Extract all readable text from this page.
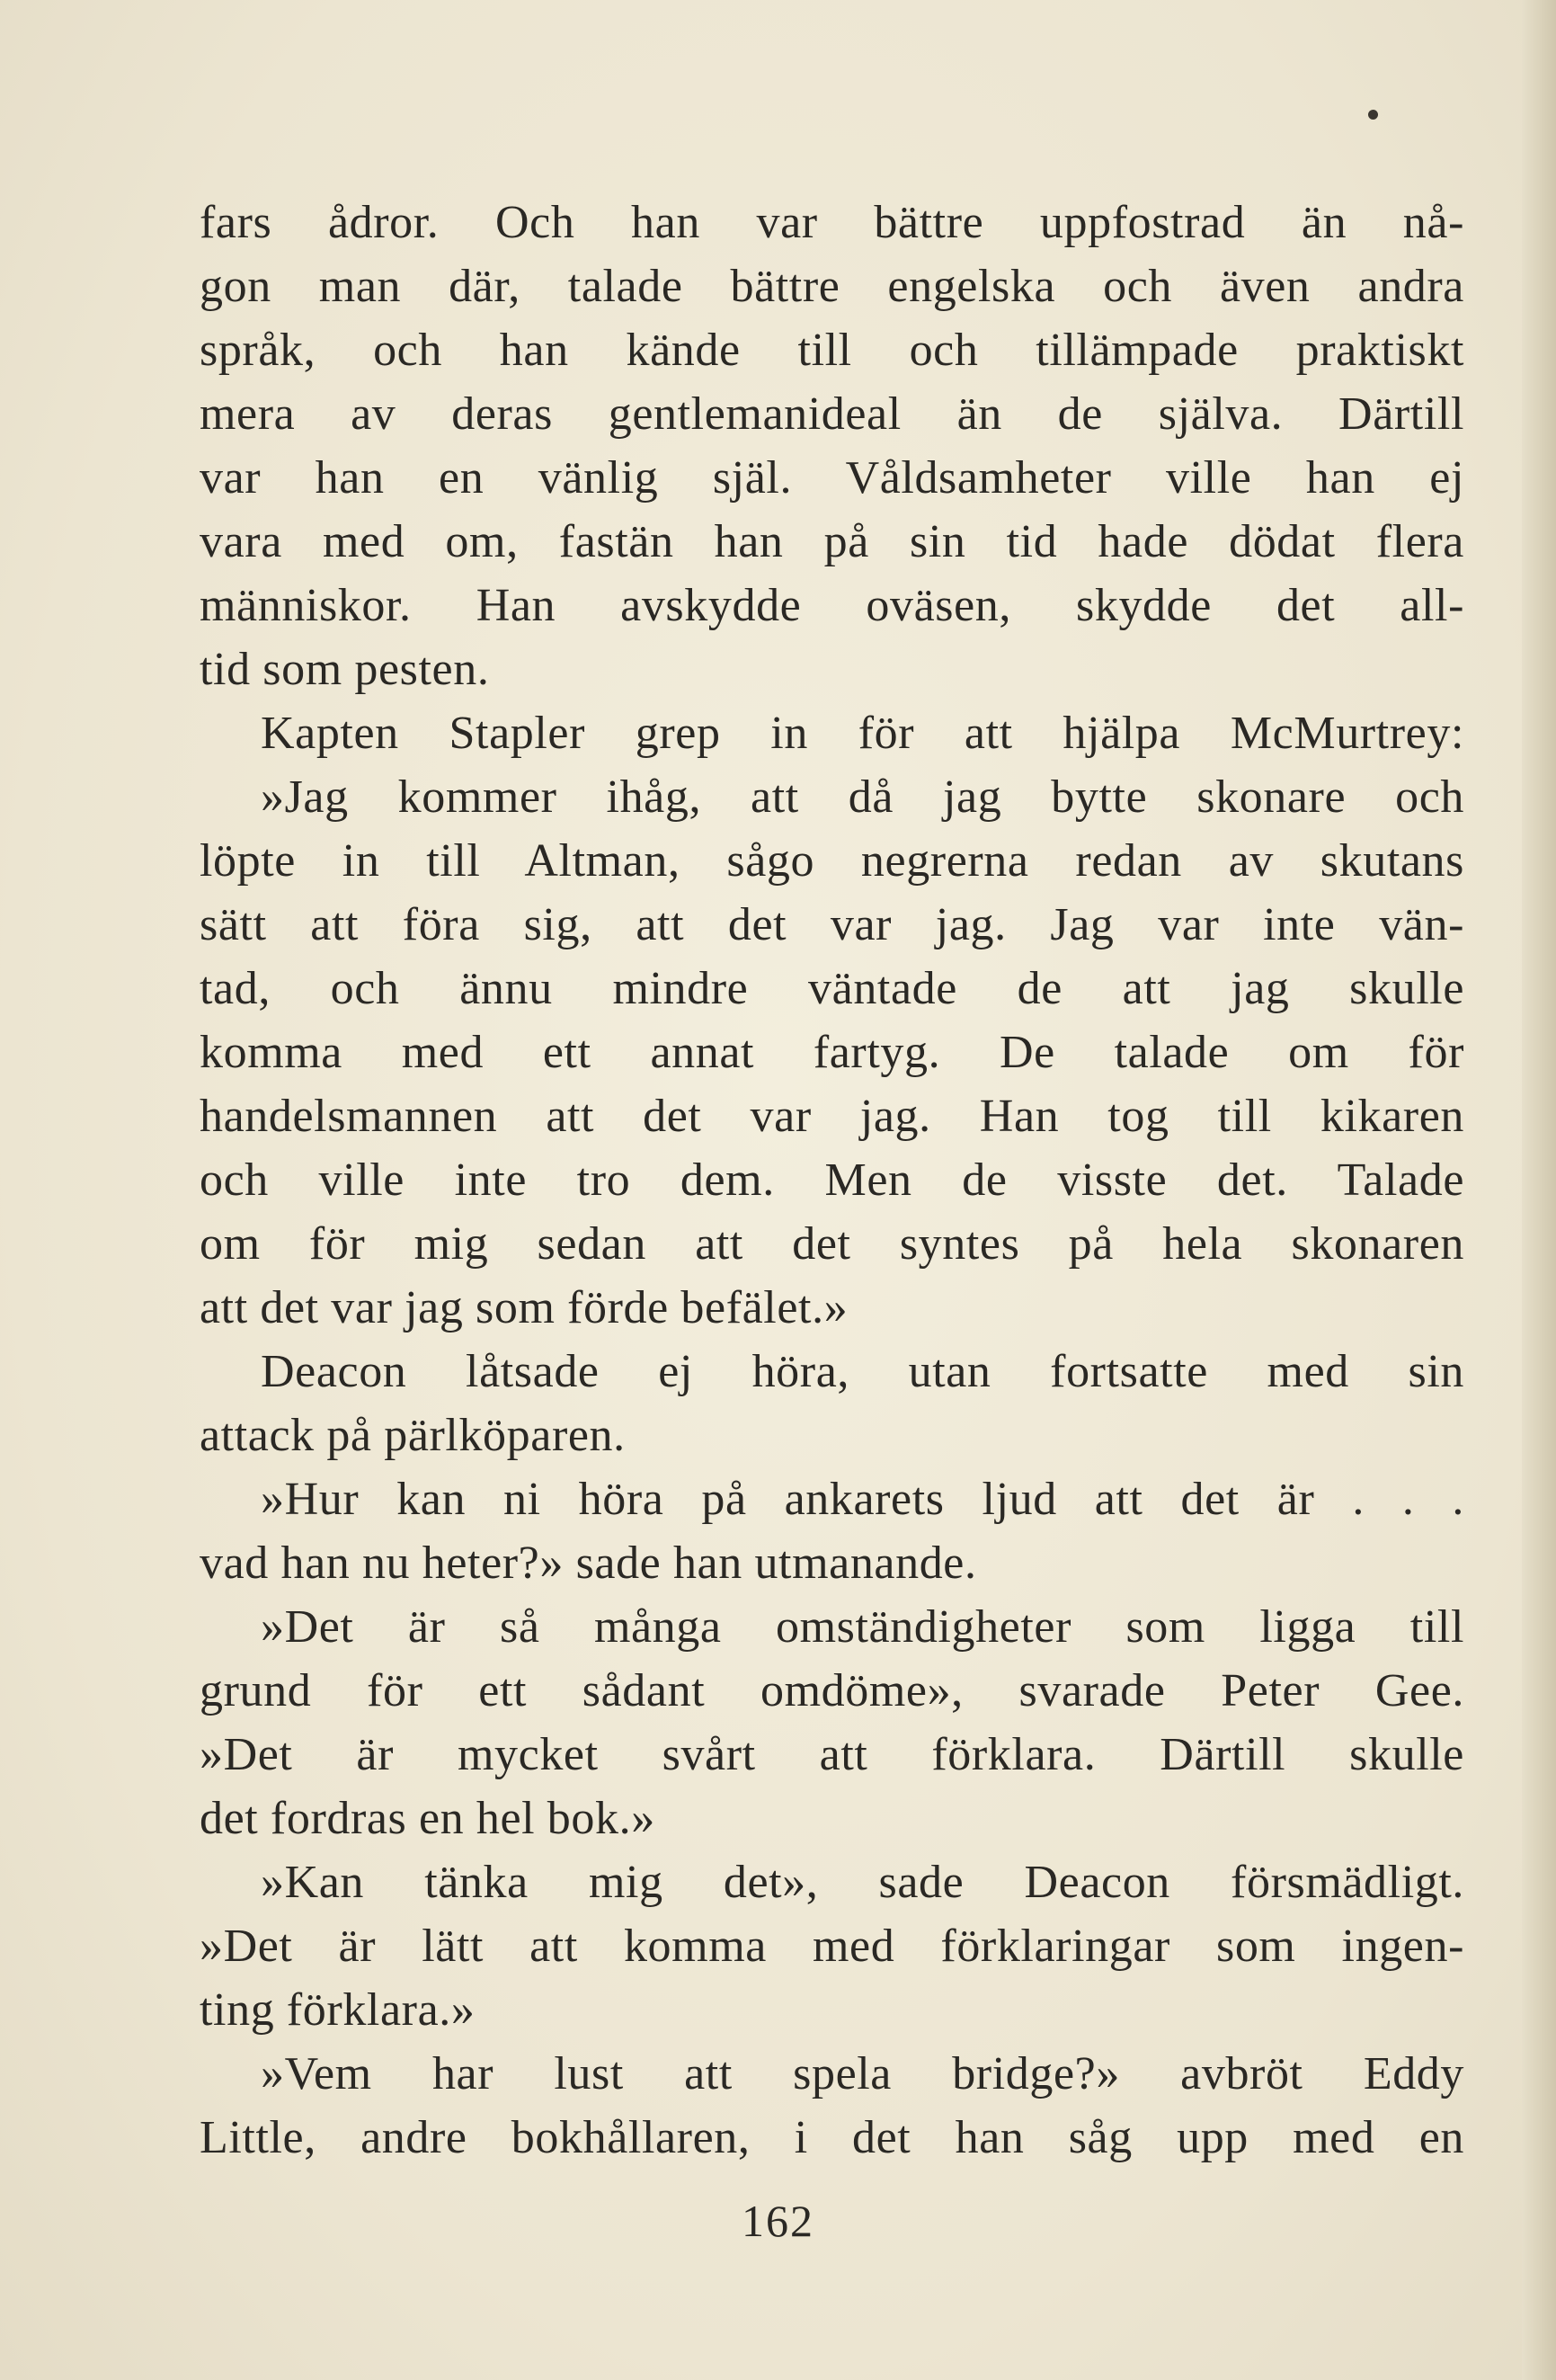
fars ådror. Och han var bättre uppfostrad än nå-
gon man där, talade bättre engelska och även andra
språk, och han kände till och tillämpade praktiskt
mera av deras gentlemanideal än de själva. Därtill
var han en vänlig själ. Våldsamheter ville han ej
vara med om, fastän han på sin tid hade dödat flera
människor. Han avskydde oväsen, skydde det all-
tid som pesten.
Kapten Stapler grep in för att hjälpa McMurtrey:
»Jag kommer ihåg, att då jag bytte skonare och
löpte in till Altman, sågo negrerna redan av skutans
sätt att föra sig, att det var jag. Jag var inte vän-
tad, och ännu mindre väntade de att jag skulle
komma med ett annat fartyg. De talade om för
handelsmannen att det var jag. Han tog till kikaren
och ville inte tro dem. Men de visste det. Talade
om för mig sedan att det syntes på hela skonaren
att det var jag som förde befälet.»
Deacon låtsade ej höra, utan fortsatte med sin
attack på pärlköparen.
»Hur kan ni höra på ankarets ljud att det är . . .
vad han nu heter?» sade han utmanande.
»Det är så många omständigheter som ligga till
grund för ett sådant omdöme», svarade Peter Gee.
»Det är mycket svårt att förklara. Därtill skulle
det fordras en hel bok.»
»Kan tänka mig det», sade Deacon försmädligt.
»Det är lätt att komma med förklaringar som ingen-
ting förklara.»
»Vem har lust att spela bridge?» avbröt Eddy
Little, andre bokhållaren, i det han såg upp med en
162
